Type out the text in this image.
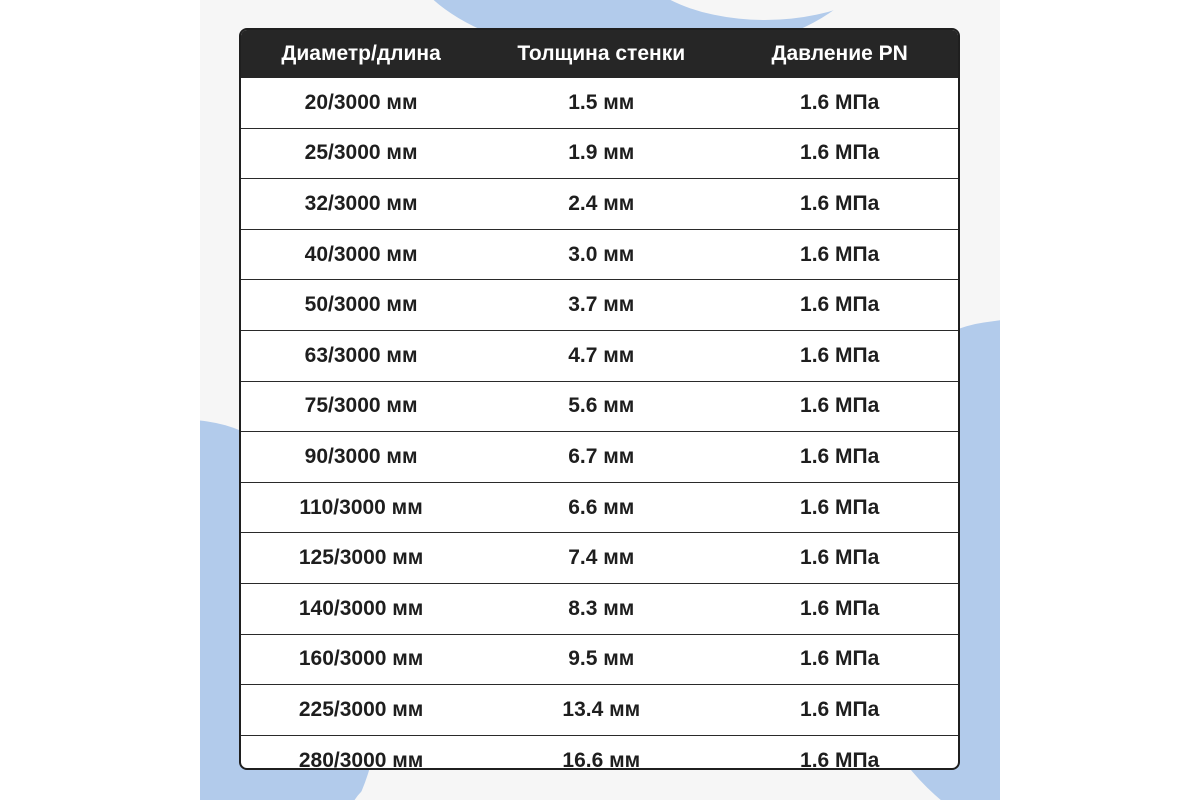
Диаметр/длина	Толщина стенки	Давление PN
20/3000 мм	1.5 мм	1.6 МПа
25/3000 мм	1.9 мм	1.6 МПа
32/3000 мм	2.4 мм	1.6 МПа
40/3000 мм	3.0 мм	1.6 МПа
50/3000 мм	3.7 мм	1.6 МПа
63/3000 мм	4.7 мм	1.6 МПа
75/3000 мм	5.6 мм	1.6 МПа
90/3000 мм	6.7 мм	1.6 МПа
110/3000 мм	6.6 мм	1.6 МПа
125/3000 мм	7.4 мм	1.6 МПа
140/3000 мм	8.3 мм	1.6 МПа
160/3000 мм	9.5 мм	1.6 МПа
225/3000 мм	13.4 мм	1.6 МПа
280/3000 мм	16.6 мм	1.6 МПа
